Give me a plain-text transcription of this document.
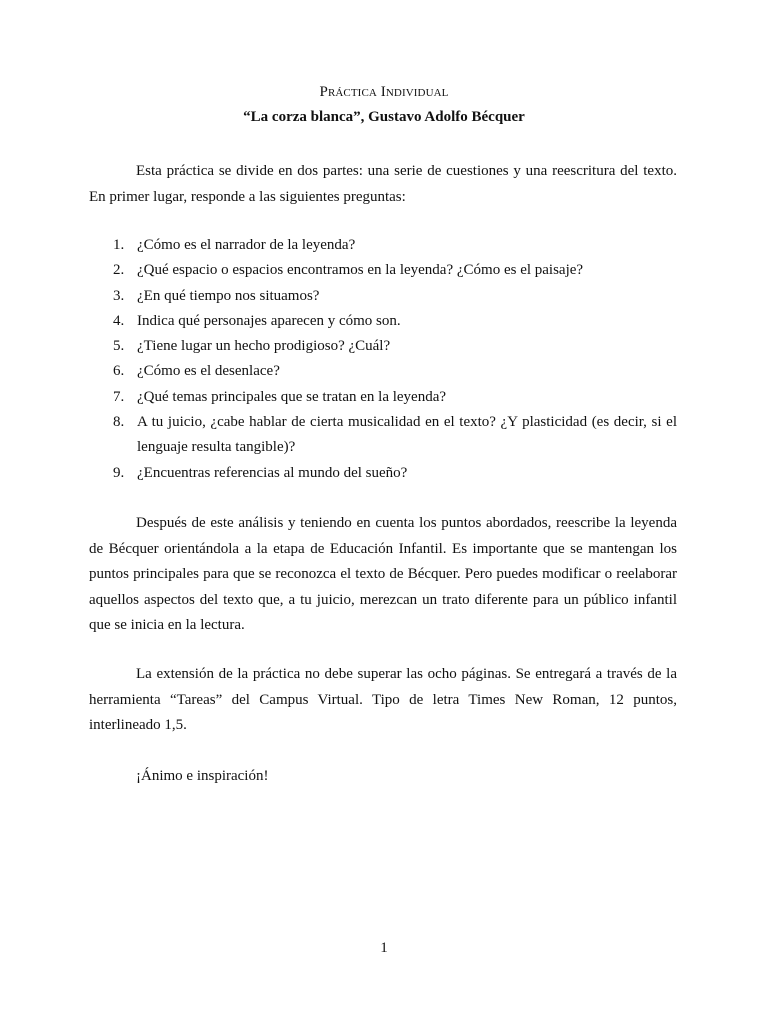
Práctica Individual
“La corza blanca”, Gustavo Adolfo Bécquer

Esta práctica se divide en dos partes: una serie de cuestiones y una reescritura del texto. En primer lugar, responde a las siguientes preguntas:

1. ¿Cómo es el narrador de la leyenda?
2. ¿Qué espacio o espacios encontramos en la leyenda? ¿Cómo es el paisaje?
3. ¿En qué tiempo nos situamos?
4. Indica qué personajes aparecen y cómo son.
5. ¿Tiene lugar un hecho prodigioso? ¿Cuál?
6. ¿Cómo es el desenlace?
7. ¿Qué temas principales que se tratan en la leyenda?
8. A tu juicio, ¿cabe hablar de cierta musicalidad en el texto? ¿Y plasticidad (es decir, si el lenguaje resulta tangible)?
9. ¿Encuentras referencias al mundo del sueño?

Después de este análisis y teniendo en cuenta los puntos abordados, reescribe la leyenda de Bécquer orientándola a la etapa de Educación Infantil. Es importante que se mantengan los puntos principales para que se reconozca el texto de Bécquer. Pero puedes modificar o reelaborar aquellos aspectos del texto que, a tu juicio, merezcan un trato diferente para un público infantil que se inicia en la lectura.

La extensión de la práctica no debe superar las ocho páginas. Se entregará a través de la herramienta “Tareas” del Campus Virtual. Tipo de letra Times New Roman, 12 puntos, interlineado 1,5.

¡Ánimo e inspiración!

1
